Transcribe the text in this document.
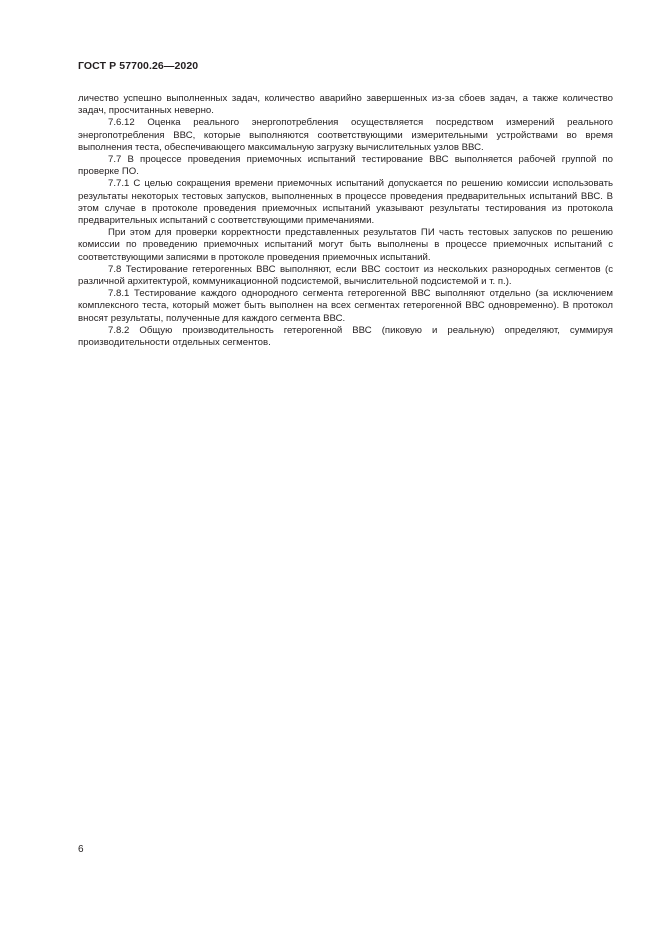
ГОСТ Р 57700.26—2020

личество успешно выполненных задач, количество аварийно завершенных из-за сбоев задач, а также количество задач, просчитанных неверно.

7.6.12 Оценка реального энергопотребления осуществляется посредством измерений реального энергопотребления ВВС, которые выполняются соответствующими измерительными устройствами во время выполнения теста, обеспечивающего максимальную загрузку вычислительных узлов ВВС.

7.7 В процессе проведения приемочных испытаний тестирование ВВС выполняется рабочей группой по проверке ПО.

7.7.1 С целью сокращения времени приемочных испытаний допускается по решению комиссии использовать результаты некоторых тестовых запусков, выполненных в процессе проведения предварительных испытаний ВВС. В этом случае в протоколе проведения приемочных испытаний указывают результаты тестирования из протокола предварительных испытаний с соответствующими примечаниями.

При этом для проверки корректности представленных результатов ПИ часть тестовых запусков по решению комиссии по проведению приемочных испытаний могут быть выполнены в процессе приемочных испытаний с соответствующими записями в протоколе проведения приемочных испытаний.

7.8 Тестирование гетерогенных ВВС выполняют, если ВВС состоит из нескольких разнородных сегментов (с различной архитектурой, коммуникационной подсистемой, вычислительной подсистемой и т. п.).

7.8.1 Тестирование каждого однородного сегмента гетерогенной ВВС выполняют отдельно (за исключением комплексного теста, который может быть выполнен на всех сегментах гетерогенной ВВС одновременно). В протокол вносят результаты, полученные для каждого сегмента ВВС.

7.8.2 Общую производительность гетерогенной ВВС (пиковую и реальную) определяют, суммируя производительности отдельных сегментов.

6
